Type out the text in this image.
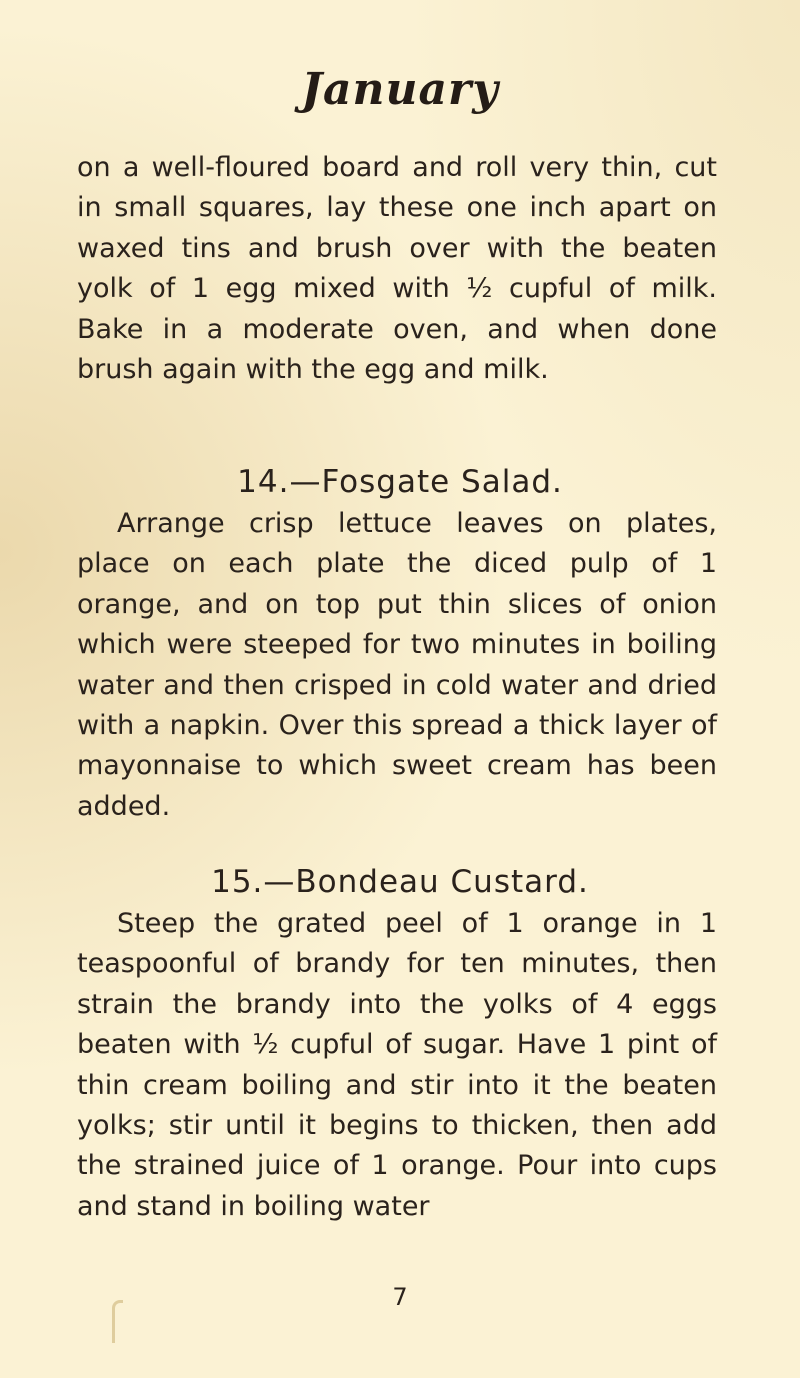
January
on a well-floured board and roll very thin, cut in small squares, lay these one inch apart on waxed tins and brush over with the beaten yolk of 1 egg mixed with ½ cupful of milk. Bake in a moderate oven, and when done brush again with the egg and milk.
14.—Fosgate Salad.
Arrange crisp lettuce leaves on plates, place on each plate the diced pulp of 1 orange, and on top put thin slices of onion which were steeped for two minutes in boiling water and then crisped in cold water and dried with a napkin. Over this spread a thick layer of mayonnaise to which sweet cream has been added.
15.—Bondeau Custard.
Steep the grated peel of 1 orange in 1 teaspoonful of brandy for ten minutes, then strain the brandy into the yolks of 4 eggs beaten with ½ cupful of sugar. Have 1 pint of thin cream boiling and stir into it the beaten yolks; stir until it begins to thicken, then add the strained juice of 1 orange. Pour into cups and stand in boiling water
7
